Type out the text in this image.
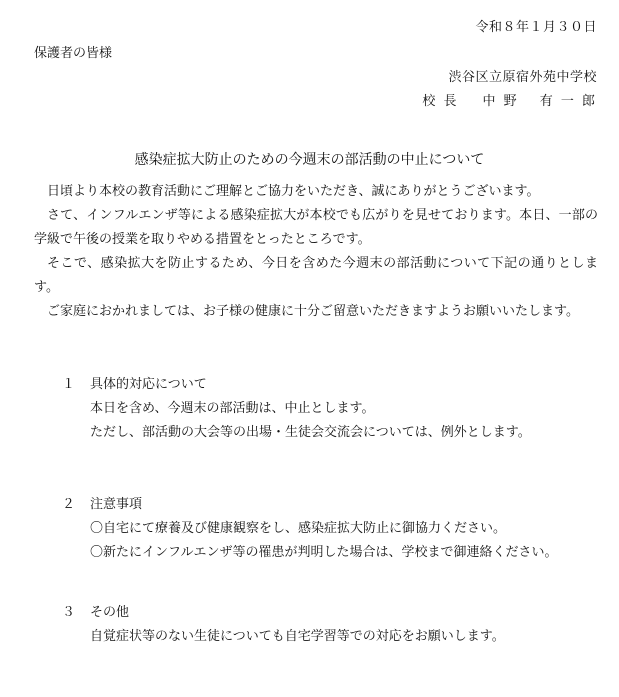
令和８年１月３０日
保護者の皆様
渋谷区立原宿外苑中学校
校 長 中 野　 有 一 郎
感染症拡大防止のための今週末の部活動の中止について

日頃より本校の教育活動にご理解とご協力をいただき、誠にありがとうございます。

さて、インフルエンザ等による感染症拡大が本校でも広がりを見せております。本日、一部の学級で午後の授業を取りやめる措置をとったところです。

そこで、感染拡大を防止するため、今日を含めた今週末の部活動について下記の通りとします。

ご家庭におかれましては、お子様の健康に十分ご留意いただきますようお願いいたします。

１	具体的対応について
本日を含め、今週末の部活動は、中止とします。
ただし、部活動の大会等の出場・生徒会交流会については、例外とします。
２	注意事項
〇自宅にて療養及び健康観察をし、感染症拡大防止に御協力ください。
〇新たにインフルエンザ等の罹患が判明した場合は、学校まで御連絡ください。
３	その他
自覚症状等のない生徒についても自宅学習等での対応をお願いします。
